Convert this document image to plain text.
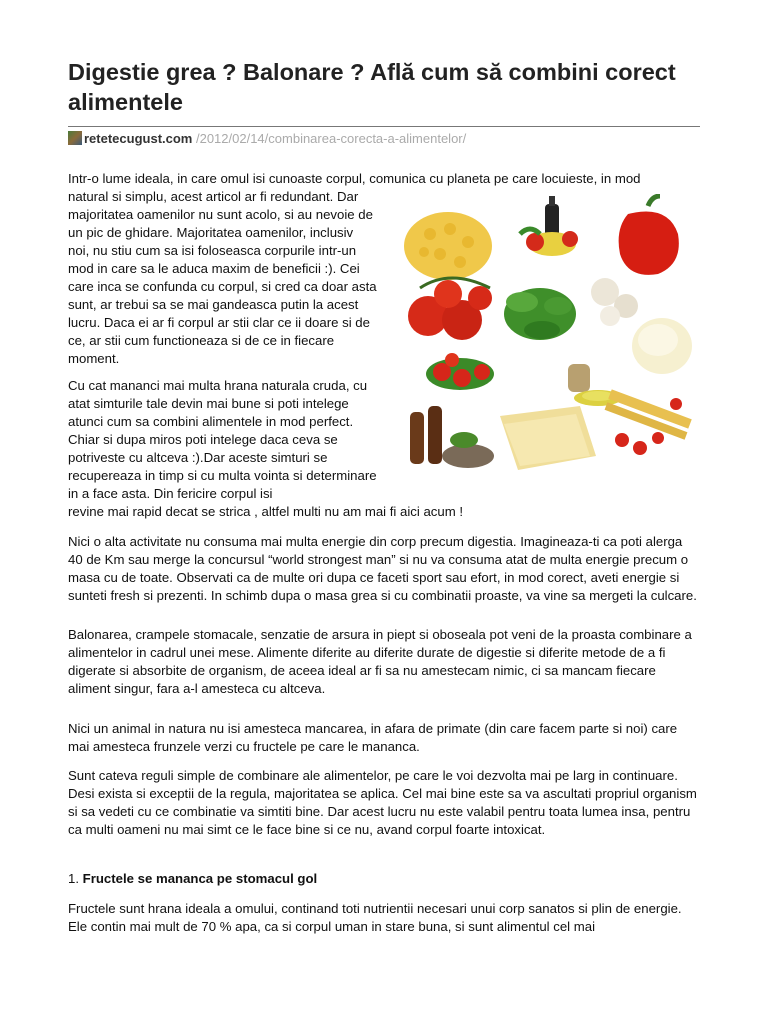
Digestie grea ? Balonare ? Află cum să combini corect alimentele
retetecugust.com /2012/02/14/combinarea-corecta-a-alimentelor/
Intr-o lume ideala, in care omul isi cunoaste corpul, comunica cu planeta pe care locuieste, in mod
natural si simplu, acest articol ar fi redundant. Dar majoritatea oamenilor nu sunt acolo, si au nevoie de un pic de ghidare. Majoritatea oamenilor, inclusiv noi, nu stiu cum sa isi foloseasca corpurile intr-un mod in care sa le aduca maxim de beneficii :). Cei care inca se confunda cu corpul, si cred ca doar asta sunt, ar trebui sa se mai gandeasca putin la acest lucru. Daca ei ar fi corpul ar stii clar ce ii doare si de ce, ar stii cum functioneaza si de ce in fiecare moment.
Cu cat mananci mai multa hrana naturala cruda, cu atat simturile tale devin mai bune si poti intelege atunci cum sa combini alimentele in mod perfect. Chiar si dupa miros poti intelege daca ceva se potriveste cu altceva :).Dar aceste simturi se recupereaza in timp si cu multa vointa si determinare in a face asta. Din fericire corpul isi
revine mai rapid decat se strica , altfel multi nu am mai fi aici acum !
Nici o alta activitate nu consuma mai multa energie din corp precum digestia. Imagineaza-ti ca poti alerga 40 de Km sau merge la concursul “world strongest man” si nu va consuma atat de multa energie precum o masa cu de toate. Observati ca de multe ori dupa ce faceti sport sau efort, in mod corect, aveti energie si sunteti fresh si prezenti. In schimb dupa o masa grea si cu combinatii proaste, va vine sa mergeti la culcare.
Balonarea, crampele stomacale, senzatie de arsura in piept si oboseala pot veni de la proasta combinare a alimentelor in cadrul unei mese. Alimente diferite au diferite durate de digestie si diferite metode de a fi digerate si absorbite de organism, de aceea ideal ar fi sa nu amestecam nimic, ci sa mancam fiecare aliment singur, fara a-l amesteca cu altceva.
Nici un animal in natura nu isi amesteca mancarea, in afara de primate (din care facem parte si noi) care mai amesteca frunzele verzi cu fructele pe care le mananca.
Sunt cateva reguli simple de combinare ale alimentelor, pe care le voi dezvolta mai pe larg in continuare. Desi exista si exceptii de la regula, majoritatea se aplica. Cel mai bine este sa va ascultati propriul organism si sa vedeti cu ce combinatie va simtiti bine. Dar acest lucru nu este valabil pentru toata lumea insa, pentru ca multi oameni nu mai simt ce le face bine si ce nu, avand corpul foarte intoxicat.
1. Fructele se mananca pe stomacul gol
Fructele sunt hrana ideala a omului, continand toti nutrientii necesari unui corp sanatos si plin de energie. Ele contin mai mult de 70 % apa, ca si corpul uman in stare buna, si sunt alimentul cel mai
